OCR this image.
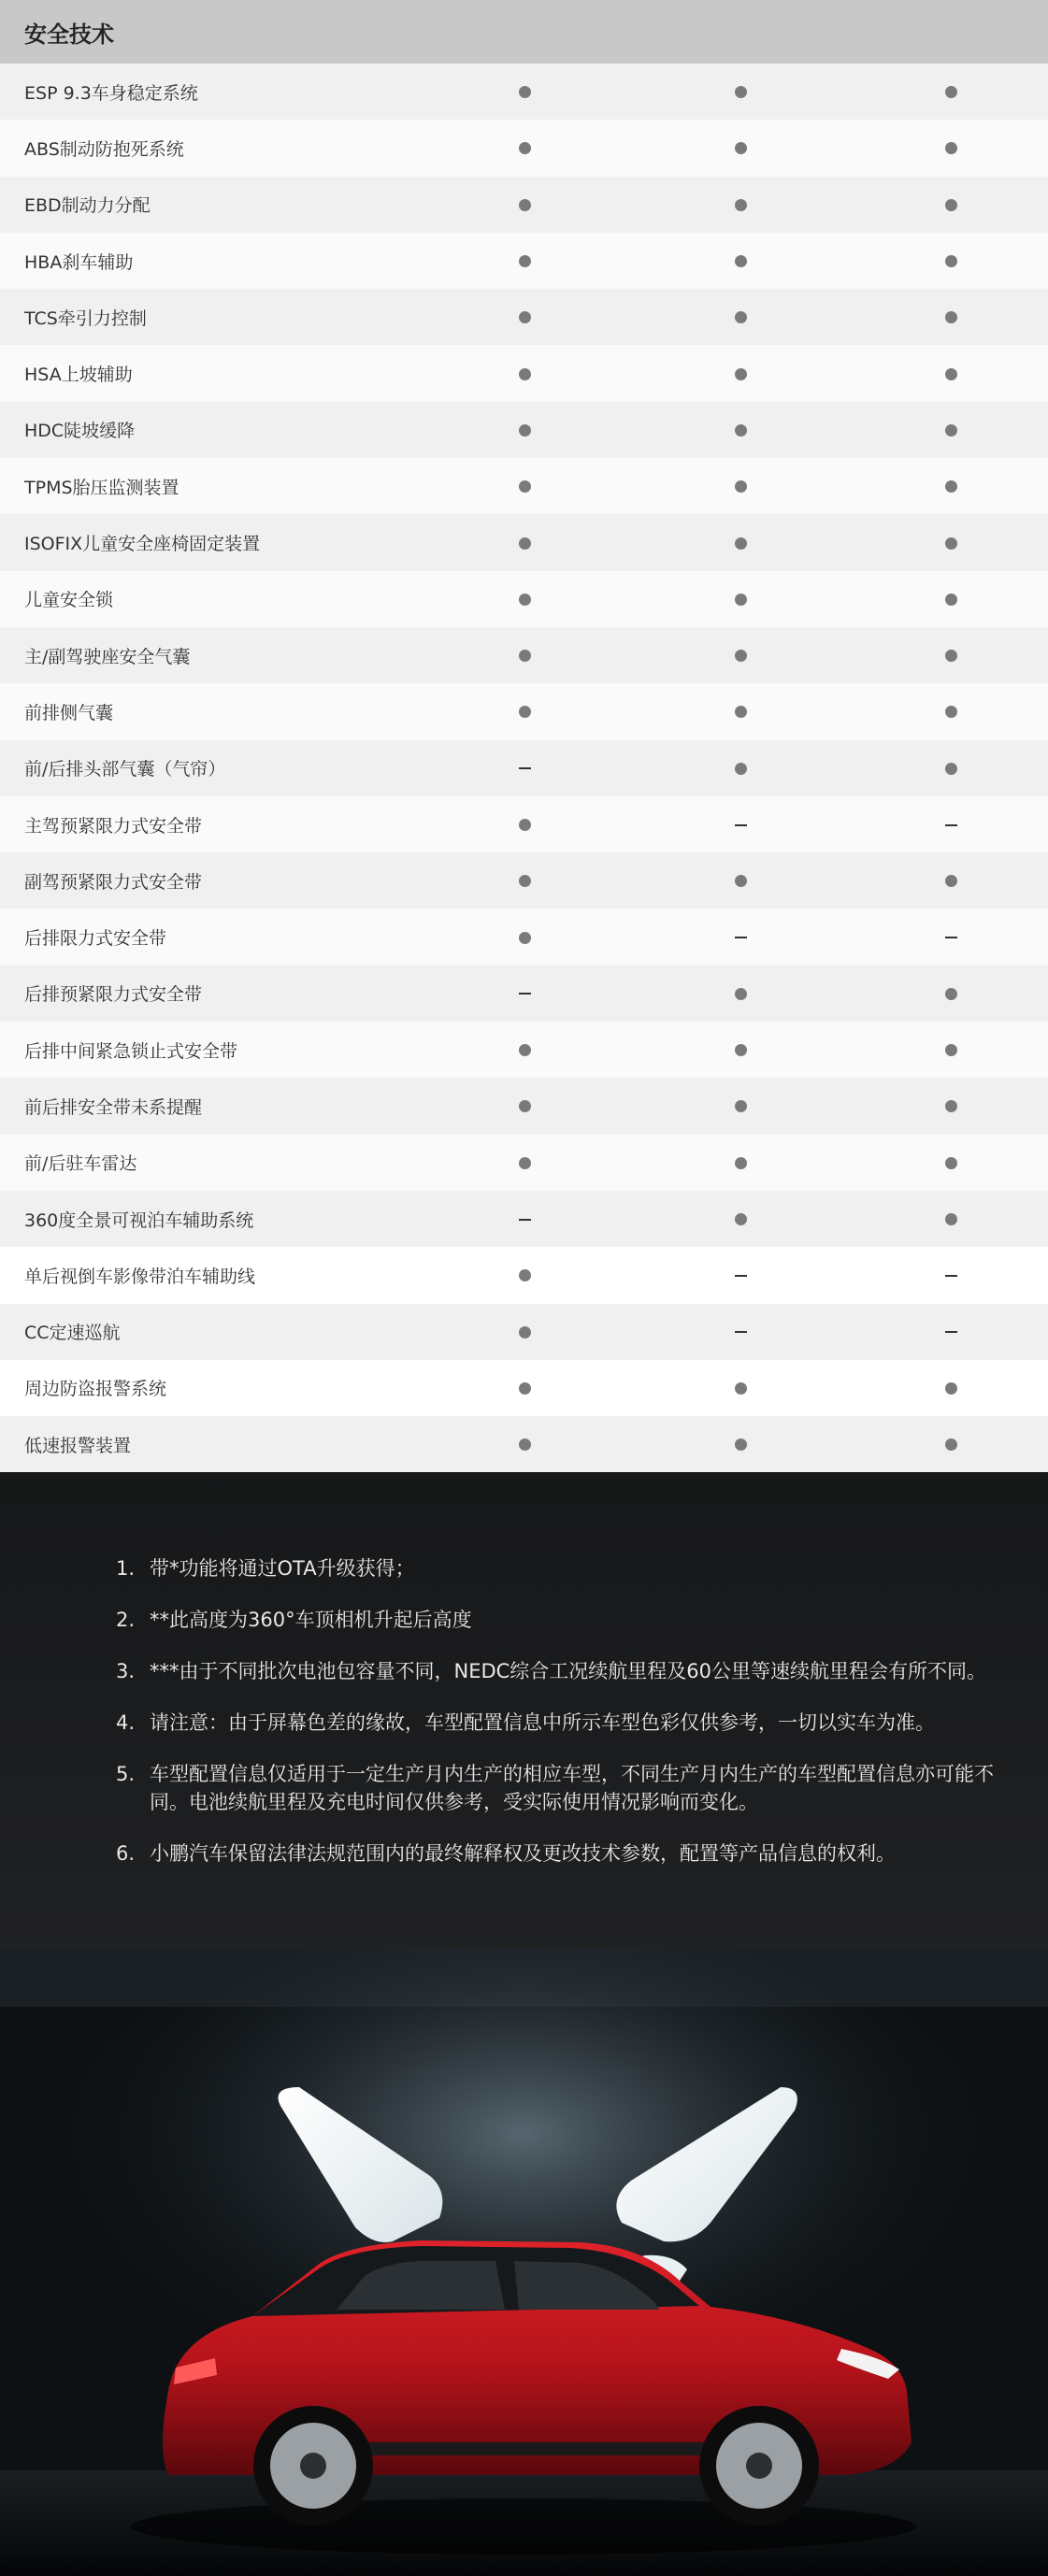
安全技术
ESP 9.3车身稳定系统
ABS制动防抱死系统
EBD制动力分配
HBA刹车辅助
TCS牵引力控制
HSA上坡辅助
HDC陡坡缓降
TPMS胎压监测装置
ISOFIX儿童安全座椅固定装置
儿童安全锁
主/副驾驶座安全气囊
前排侧气囊
前/后排头部气囊（气帘）
主驾预紧限力式安全带
副驾预紧限力式安全带
后排限力式安全带
后排预紧限力式安全带
后排中间紧急锁止式安全带
前后排安全带未系提醒
前/后驻车雷达
360度全景可视泊车辅助系统
单后视倒车影像带泊车辅助线
CC定速巡航
周边防盗报警系统
低速报警装置
1. 带*功能将通过OTA升级获得；
2. **此高度为360°车顶相机升起后高度
3. ***由于不同批次电池包容量不同，NEDC综合工况续航里程及60公里等速续航里程会有所不同。
4. 请注意：由于屏幕色差的缘故，车型配置信息中所示车型色彩仅供参考，一切以实车为准。
5. 车型配置信息仅适用于一定生产月内生产的相应车型，不同生产月内生产的车型配置信息亦可能不同。电池续航里程及充电时间仅供参考，受实际使用情况影响而变化。
6. 小鹏汽车保留法律法规范围内的最终解释权及更改技术参数，配置等产品信息的权利。
